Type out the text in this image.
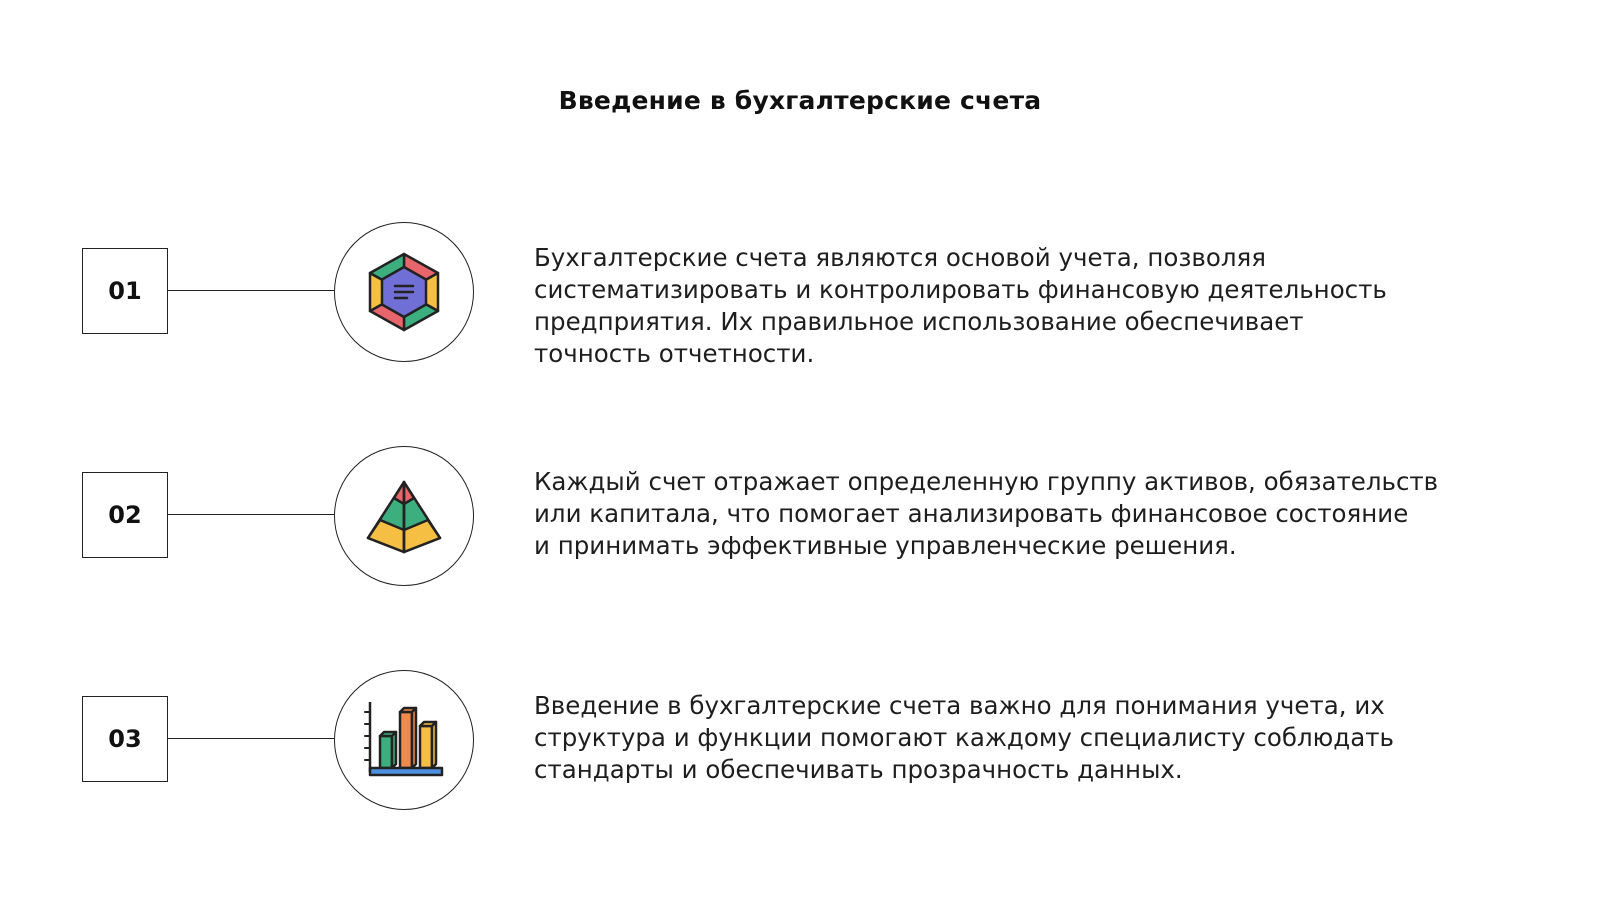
Введение в бухгалтерские счета
01
Бухгалтерские счета являются основой учета, позволяя
систематизировать и контролировать финансовую деятельность
предприятия. Их правильное использование обеспечивает
точность отчетности.
02
Каждый счет отражает определенную группу активов, обязательств
или капитала, что помогает анализировать финансовое состояние
и принимать эффективные управленческие решения.
03
Введение в бухгалтерские счета важно для понимания учета, их
структура и функции помогают каждому специалисту соблюдать
стандарты и обеспечивать прозрачность данных.
